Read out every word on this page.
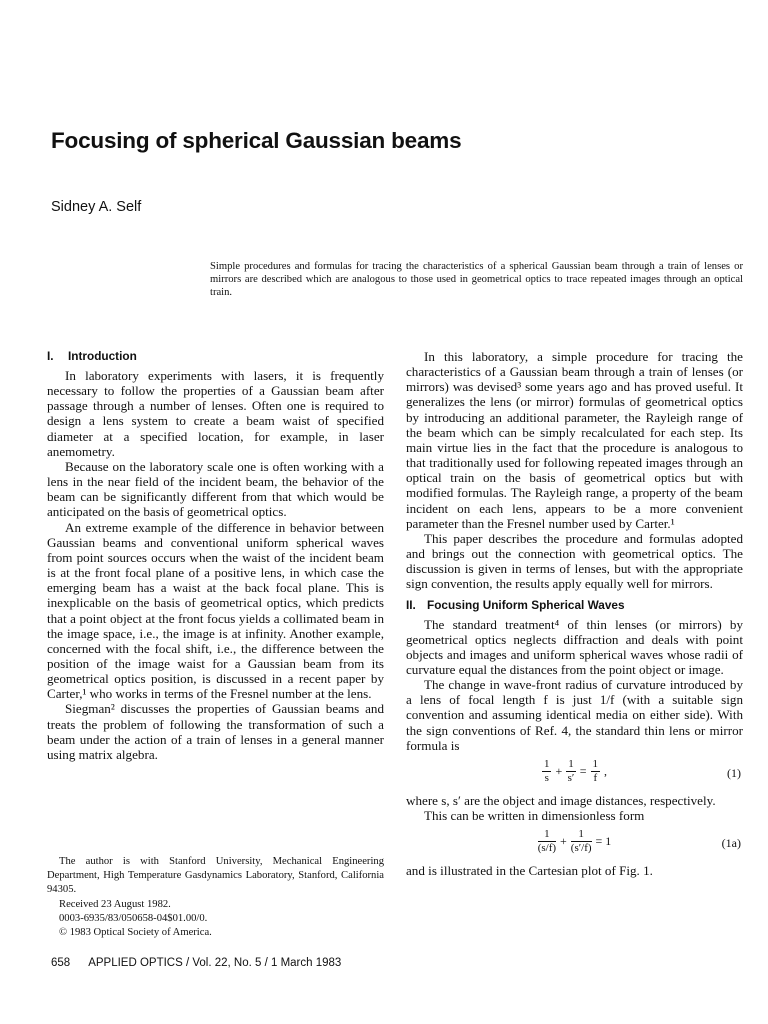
Focusing of spherical Gaussian beams
Sidney A. Self

Simple procedures and formulas for tracing the characteristics of a spherical Gaussian beam through a train of lenses or mirrors are described which are analogous to those used in geometrical optics to trace repeated images through an optical train.

I. Introduction

In laboratory experiments with lasers, it is frequently necessary to follow the properties of a Gaussian beam after passage through a number of lenses. Often one is required to design a lens system to create a beam waist of specified diameter at a specified location, for example, in laser anemometry.

Because on the laboratory scale one is often working with a lens in the near field of the incident beam, the behavior of the beam can be significantly different from that which would be anticipated on the basis of geometrical optics.

An extreme example of the difference in behavior between Gaussian beams and conventional uniform spherical waves from point sources occurs when the waist of the incident beam is at the front focal plane of a positive lens, in which case the emerging beam has a waist at the back focal plane. This is inexplicable on the basis of geometrical optics, which predicts that a point object at the front focus yields a collimated beam in the image space, i.e., the image is at infinity. Another example, concerned with the focal shift, i.e., the difference between the position of the image waist for a Gaussian beam from its geometrical optics position, is discussed in a recent paper by Carter,¹ who works in terms of the Fresnel number at the lens.

Siegman² discusses the properties of Gaussian beams and treats the problem of following the transformation of such a beam under the action of a train of lenses in a general manner using matrix algebra.

In this laboratory, a simple procedure for tracing the characteristics of a Gaussian beam through a train of lenses (or mirrors) was devised³ some years ago and has proved useful. It generalizes the lens (or mirror) formulas of geometrical optics by introducing an additional parameter, the Rayleigh range of the beam which can be simply recalculated for each step. Its main virtue lies in the fact that the procedure is analogous to that traditionally used for following repeated images through an optical train on the basis of geometrical optics but with modified formulas. The Rayleigh range, a property of the beam incident on each lens, appears to be a more convenient parameter than the Fresnel number used by Carter.¹

This paper describes the procedure and formulas adopted and brings out the connection with geometrical optics. The discussion is given in terms of lenses, but with the appropriate sign convention, the results apply equally well for mirrors.

II. Focusing Uniform Spherical Waves

The standard treatment⁴ of thin lenses (or mirrors) by geometrical optics neglects diffraction and deals with point objects and images and uniform spherical waves whose radii of curvature equal the distances from the point object or image.

The change in wave-front radius of curvature introduced by a lens of focal length f is just 1/f (with a suitable sign convention and assuming identical media on either side). With the sign conventions of Ref. 4, the standard thin lens or mirror formula is

$\frac{1}{s} + \frac{1}{s'} = \frac{1}{f}$ ,	(1)

where s, s′ are the object and image distances, respectively.

This can be written in dimensionless form

$\frac{1}{(s/f)} + \frac{1}{(s'/f)} = 1$	(1a)

and is illustrated in the Cartesian plot of Fig. 1.

The author is with Stanford University, Mechanical Engineering Department, High Temperature Gasdynamics Laboratory, Stanford, California 94305.

Received 23 August 1982.

0003-6935/83/050658-04$01.00/0.

© 1983 Optical Society of America.

658 APPLIED OPTICS / Vol. 22, No. 5 / 1 March 1983
